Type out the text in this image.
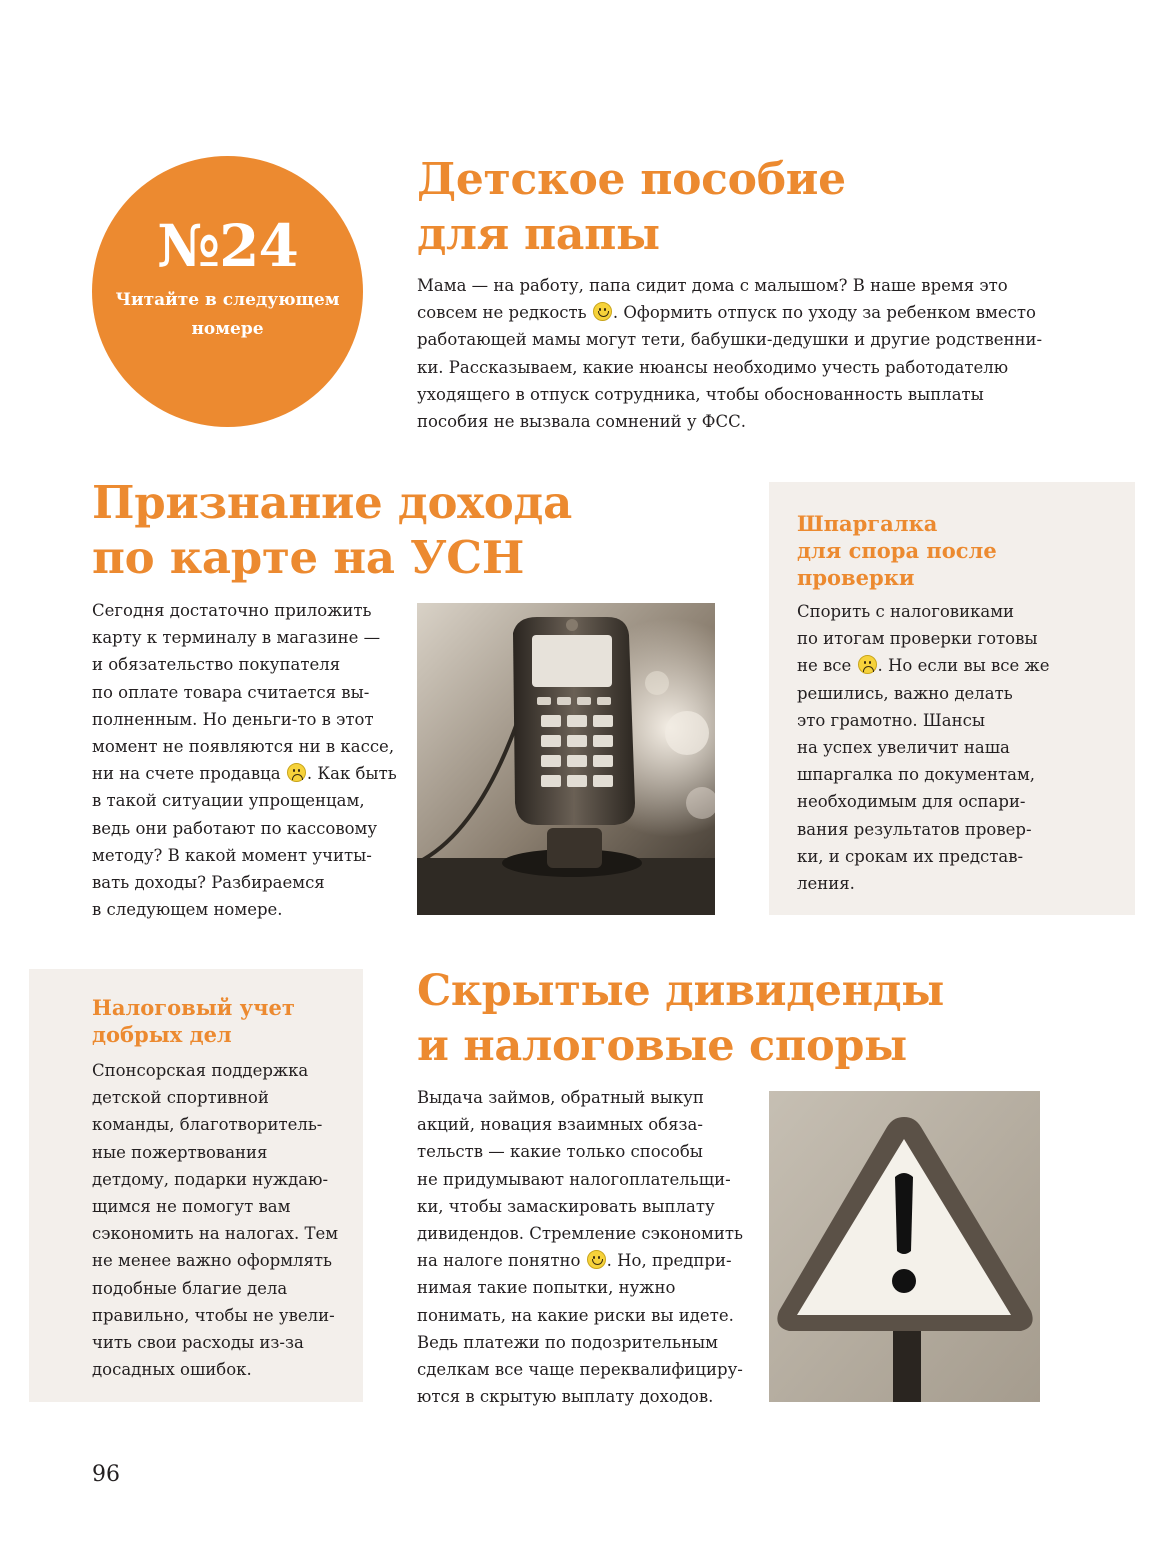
№24
Читайте в следующем номере
Детское пособие
для папы
Мама — на работу, папа сидит дома с малышом? В наше время это
совсем не редкость
. Оформить отпуск по уходу за ребенком вместо
работающей мамы могут тети, бабушки-дедушки и другие родственни-
ки. Рассказываем, какие нюансы необходимо учесть работодателю
уходящего в отпуск сотрудника, чтобы обоснованность выплаты
пособия не вызвала сомнений у ФСС.
Признание дохода
по карте на УСН
Сегодня достаточно приложить
карту к терминалу в магазине —
и обязательство покупателя
по оплате товара считается вы-
полненным. Но деньги-то в этот
момент не появляются ни в кассе,
ни на счете продавца
. Как быть
в такой ситуации упрощенцам,
ведь они работают по кассовому
методу? В какой момент учиты-
вать доходы? Разбираемся
в следующем номере.
Шпаргалка
для спора после
проверки
Спорить с налоговиками
по итогам проверки готовы
не все
. Но если вы все же
решились, важно делать
это грамотно. Шансы
на успех увеличит наша
шпаргалка по документам,
необходимым для оспари-
вания результатов провер-
ки, и срокам их представ-
ления.
Налоговый учет
добрых дел
Спонсорская поддержка
детской спортивной
команды, благотворитель-
ные пожертвования
детдому, подарки нуждаю-
щимся не помогут вам
сэкономить на налогах. Тем
не менее важно оформлять
подобные благие дела
правильно, чтобы не увели-
чить свои расходы из-за
досадных ошибок.
Скрытые дивиденды
и налоговые споры
Выдача займов, обратный выкуп
акций, новация взаимных обяза-
тельств — какие только способы
не придумывают налогоплательщи-
ки, чтобы замаскировать выплату
дивидендов. Стремление сэкономить
на налоге понятно
. Но, предпри-
нимая такие попытки, нужно
понимать, на какие риски вы идете.
Ведь платежи по подозрительным
сделкам все чаще переквалифициру-
ются в скрытую выплату доходов.
96
